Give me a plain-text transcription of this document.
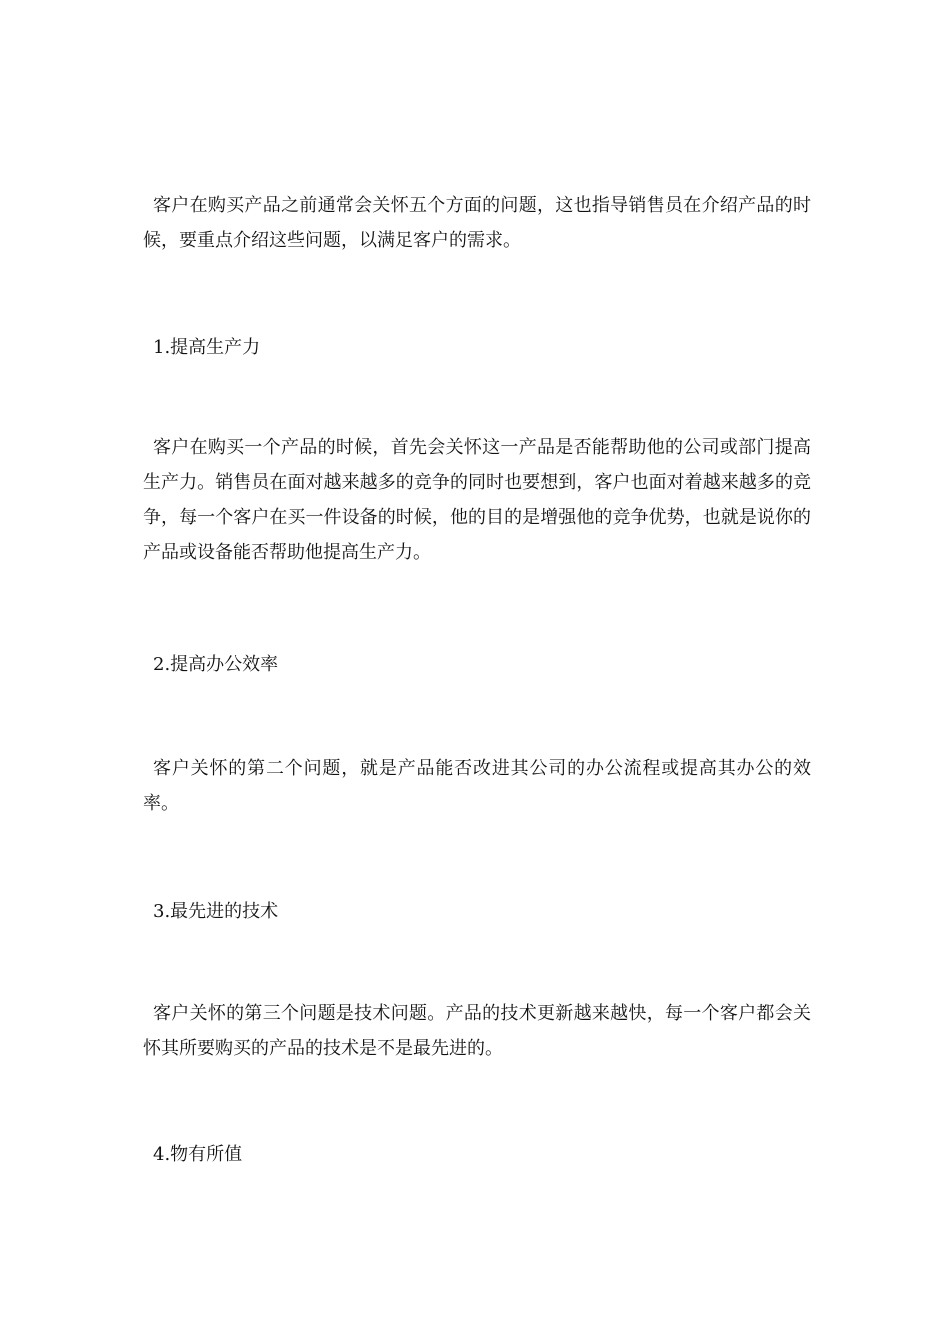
客户在购买产品之前通常会关怀五个方面的问题，这也指导销售员在介绍产品的时候，要重点介绍这些问题，以满足客户的需求。

1.提高生产力

客户在购买一个产品的时候，首先会关怀这一产品是否能帮助他的公司或部门提高生产力。销售员在面对越来越多的竞争的同时也要想到，客户也面对着越来越多的竞争，每一个客户在买一件设备的时候，他的目的是增强他的竞争优势，也就是说你的产品或设备能否帮助他提高生产力。

2.提高办公效率

客户关怀的第二个问题，就是产品能否改进其公司的办公流程或提高其办公的效率。

3.最先进的技术

客户关怀的第三个问题是技术问题。产品的技术更新越来越快，每一个客户都会关怀其所要购买的产品的技术是不是最先进的。

4.物有所值
